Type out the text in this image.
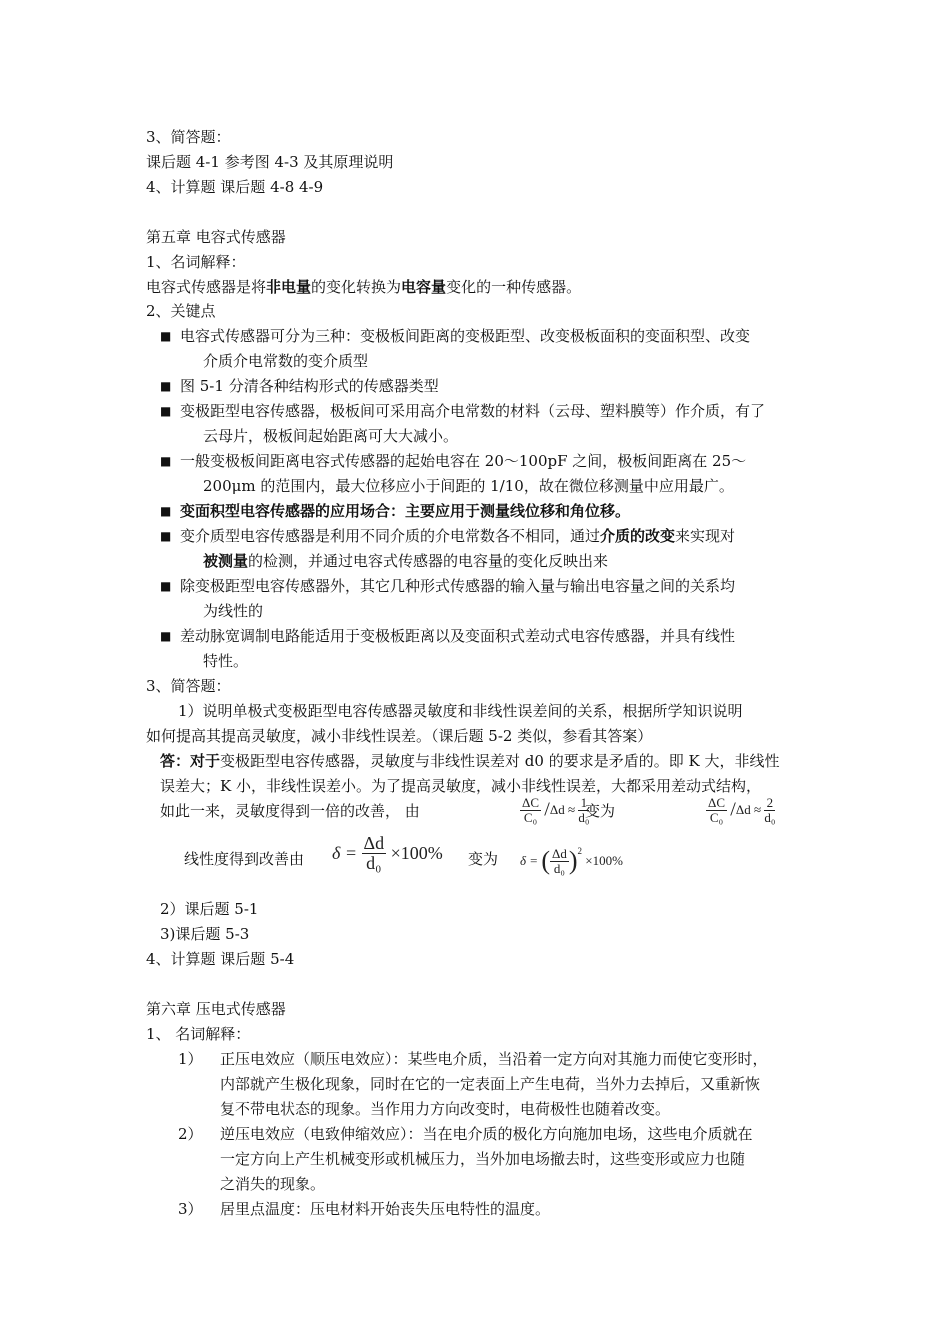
3、简答题：
课后题 4-1 参考图 4-3 及其原理说明
4、计算题 课后题 4-8 4-9
第五章 电容式传感器
1、名词解释：
电容式传感器是将非电量的变化转换为电容量变化的一种传感器。
2、关键点
■ 电容式传感器可分为三种：变极板间距离的变极距型、改变极板面积的变面积型、改变
介质介电常数的变介质型
■ 图 5-1 分清各种结构形式的传感器类型
■ 变极距型电容传感器，极板间可采用高介电常数的材料（云母、塑料膜等）作介质，有了
云母片，极板间起始距离可大大减小。
■ 一般变极板间距离电容式传感器的起始电容在 20～100pF 之间，极板间距离在 25～
200μm 的范围内，最大位移应小于间距的 1/10，故在微位移测量中应用最广。
■ 变面积型电容传感器的应用场合：主要应用于测量线位移和角位移。
■ 变介质型电容传感器是利用不同介质的介电常数各不相同，通过介质的改变来实现对
被测量的检测，并通过电容式传感器的电容量的变化反映出来
■ 除变极距型电容传感器外，其它几种形式传感器的输入量与输出电容量之间的关系均
为线性的
■ 差动脉宽调制电路能适用于变极板距离以及变面积式差动式电容传感器，并具有线性
特性。
3、简答题：
1）说明单极式变极距型电容传感器灵敏度和非线性误差间的关系，根据所学知识说明
如何提高其提高灵敏度，减小非线性误差。（课后题 5-2 类似，参看其答案）
答：对于变极距型电容传感器，灵敏度与非线性误差对 d0 的要求是矛盾的。即 K 大，非线性
误差大；K 小，非线性误差小。为了提高灵敏度，减小非线性误差，大都采用差动式结构，
如此一来，灵敏度得到一倍的改善， 由	$\frac{\Delta C}{\text{C₀}} /\Delta d \approx \frac{1}{\text{d₀}}$
变为	$\frac{\Delta C}{\text{C₀}} /\Delta d \approx \frac{2}{\text{d₀}}$
线性度得到改善由 $\delta = \frac{\Delta d}{\text{d₀}} \times 100\%$ 变为 δ = ( $\frac{\Delta d}{\text{d₀}} )^2 \times 100\%$
2）课后题 5-1
3)课后题 5-3
4、计算题 课后题 5-4
第六章 压电式传感器
1、 名词解释：
1） 正压电效应（顺压电效应）：某些电介质，当沿着一定方向对其施力而使它变形时，
内部就产生极化现象，同时在它的一定表面上产生电荷，当外力去掉后，又重新恢
复不带电状态的现象。当作用力方向改变时，电荷极性也随着改变。
2） 逆压电效应（电致伸缩效应）：当在电介质的极化方向施加电场，这些电介质就在
一定方向上产生机械变形或机械压力，当外加电场撤去时，这些变形或应力也随
之消失的现象。
3） 居里点温度：压电材料开始丧失压电特性的温度。
